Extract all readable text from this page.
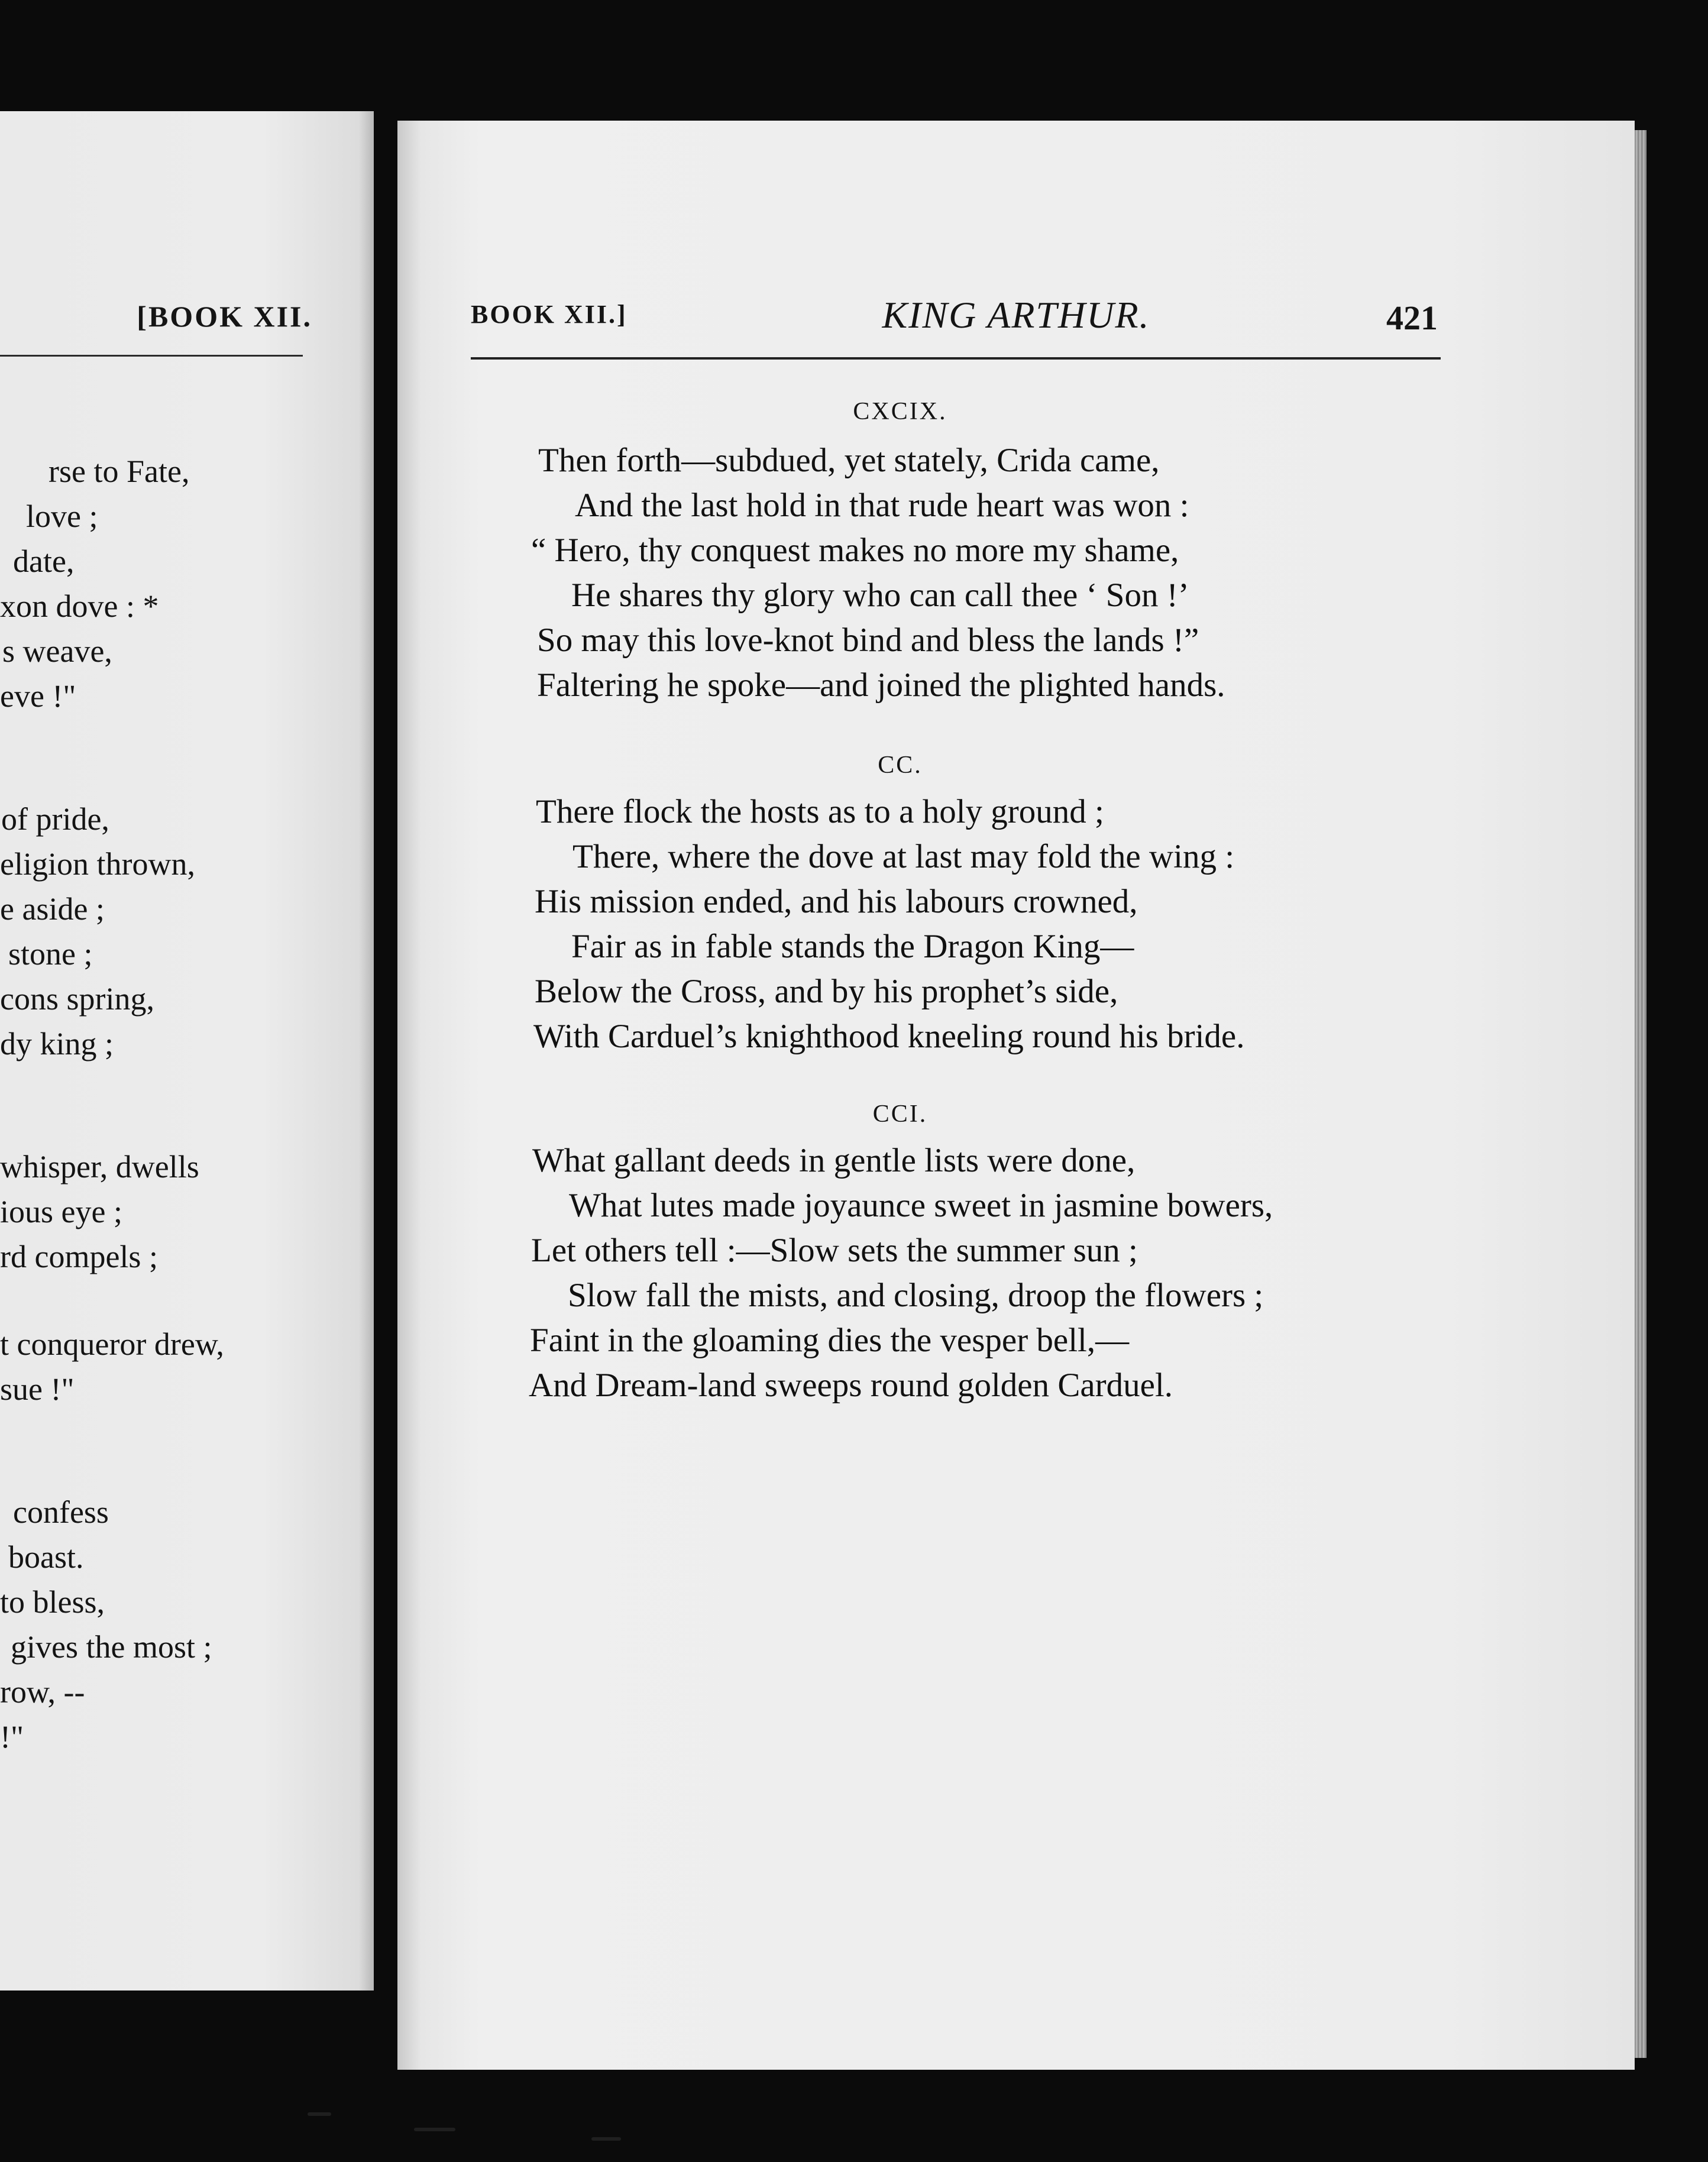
[BOOK XII.
rse to Fate,
love ;
date,
xon dove : *
s weave,
eve !"
of pride,
eligion thrown,
e aside ;
stone ;
cons spring,
dy king ;
whisper, dwells
ious eye ;
rd compels ;
t conqueror drew,
sue !"
confess
boast.
to bless,
gives the most ;
row, --
!"
BOOK XII.]	KING ARTHUR.	421
CXCIX.
Then forth—subdued, yet stately, Crida came,
And the last hold in that rude heart was won :
“ Hero, thy conquest makes no more my shame,
He shares thy glory who can call thee ‘ Son !’
So may this love-knot bind and bless the lands !”
Faltering he spoke—and joined the plighted hands.
CC.
There flock the hosts as to a holy ground ;
There, where the dove at last may fold the wing :
His mission ended, and his labours crowned,
Fair as in fable stands the Dragon King—
Below the Cross, and by his prophet’s side,
With Carduel’s knighthood kneeling round his bride.
CCI.
What gallant deeds in gentle lists were done,
What lutes made joyaunce sweet in jasmine bowers,
Let others tell :—Slow sets the summer sun ;
Slow fall the mists, and closing, droop the flowers ;
Faint in the gloaming dies the vesper bell,—
And Dream-land sweeps round golden Carduel.
